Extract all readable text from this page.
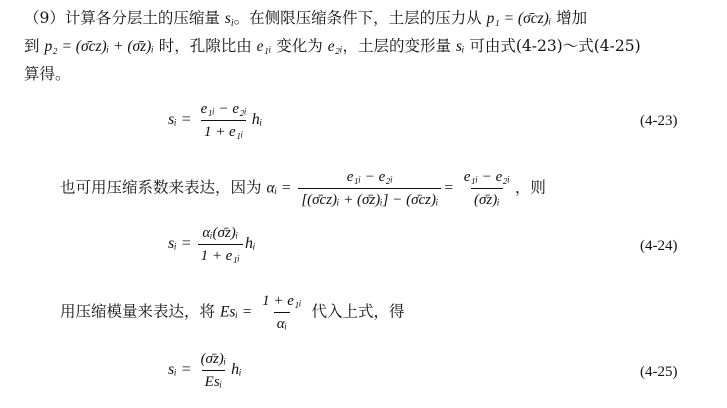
（9）计算各分层土的压缩量 $s_i$。在侧限压缩条件下，土层的压力从 p₁ = (σ̄cz)ᵢ 增加
到 p₂ = (σ̄cz)ᵢ + (σ̄z)ᵢ 时，孔隙比由 e₁ᵢ 变化为 e₂ᵢ，土层的变形量 sᵢ 可由式(4-23)～式(4-25)
算得。
sᵢ = $\frac{\text{e₁ᵢ − e₂ᵢ}}{\text{1 + e₁ᵢ}}$ hᵢ	(4-23)
也可用压缩系数来表达，因为 αᵢ = $\frac{\text{e₁ᵢ − e₂ᵢ}}{\text{[(σ̄cz)ᵢ + (σ̄z)ᵢ] − (σ̄cz)ᵢ}} = \frac{\text{e₁ᵢ − e₂ᵢ}}{\text{(σ̄z)ᵢ}}$ ，则
sᵢ = $\frac{\text{αᵢ(σ̄z)ᵢ}}{\text{1 + e₁ᵢ}}$ hᵢ	(4-24)
用压缩模量来表达，将 Esᵢ = $\frac{\text{1 + e₁ᵢ}}{\text{αᵢ}}$ 代入上式，得
sᵢ = $\frac{\text{(σ̄z)ᵢ}}{\text{Esᵢ}}$ hᵢ	(4-25)
